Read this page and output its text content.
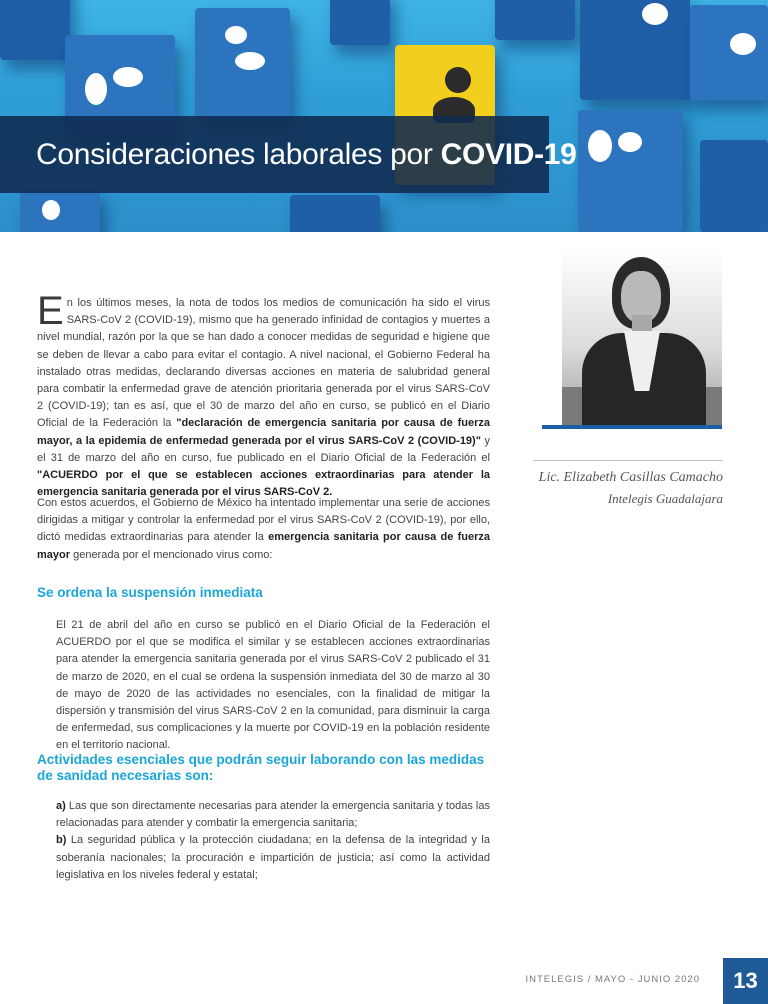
Consideraciones laborales por COVID-19
Lic. Elizabeth Casillas Camacho
Intelegis Guadalajara

En los últimos meses, la nota de todos los medios de comunicación ha sido el virus SARS-CoV 2 (COVID-19), mismo que ha generado infinidad de contagios y muertes a nivel mundial, razón por la que se han dado a conocer medidas de seguridad e higiene que se deben de llevar a cabo para evitar el contagio. A nivel nacional, el Gobierno Federal ha instalado otras medidas, declarando diversas acciones en materia de salubridad general para combatir la enfermedad grave de atención prioritaria generada por el virus SARS-CoV 2 (COVID-19); tan es así, que el 30 de marzo del año en curso, se publicó en el Diario Oficial de la Federación la "declaración de emergencia sanitaria por causa de fuerza mayor, a la epidemia de enfermedad generada por el virus SARS-CoV 2 (COVID-19)" y el 31 de marzo del año en curso, fue publicado en el Diario Oficial de la Federación el "ACUERDO por el que se establecen acciones extraordinarias para atender la emergencia sanitaria generada por el virus SARS-CoV 2.

Con estos acuerdos, el Gobierno de México ha intentado implementar una serie de acciones dirigidas a mitigar y controlar la enfermedad por el virus SARS-CoV 2 (COVID-19), por ello, dictó medidas extraordinarias para atender la emergencia sanitaria por causa de fuerza mayor generada por el mencionado virus como:

Se ordena la suspensión inmediata

El 21 de abril del año en curso se publicó en el Diario Oficial de la Federación el ACUERDO por el que se modifica el similar y se establecen acciones extraordinarias para atender la emergencia sanitaria generada por el virus SARS-CoV 2 publicado el 31 de marzo de 2020, en el cual se ordena la suspensión inmediata del 30 de marzo al 30 de mayo de 2020 de las actividades no esenciales, con la finalidad de mitigar la dispersión y transmisión del virus SARS-CoV 2 en la comunidad, para disminuir la carga de enfermedad, sus complicaciones y la muerte por COVID-19 en la población residente en el territorio nacional.

Actividades esenciales que podrán seguir laborando con las medidas de sanidad necesarias son:
a) Las que son directamente necesarias para atender la emergencia sanitaria y todas las relacionadas para atender y combatir la emergencia sanitaria;
b) La seguridad pública y la protección ciudadana; en la defensa de la integridad y la soberanía nacionales; la procuración e impartición de justicia; así como la actividad legislativa en los niveles federal y estatal;
INTELEGIS / MAYO - JUNIO 2020	13
